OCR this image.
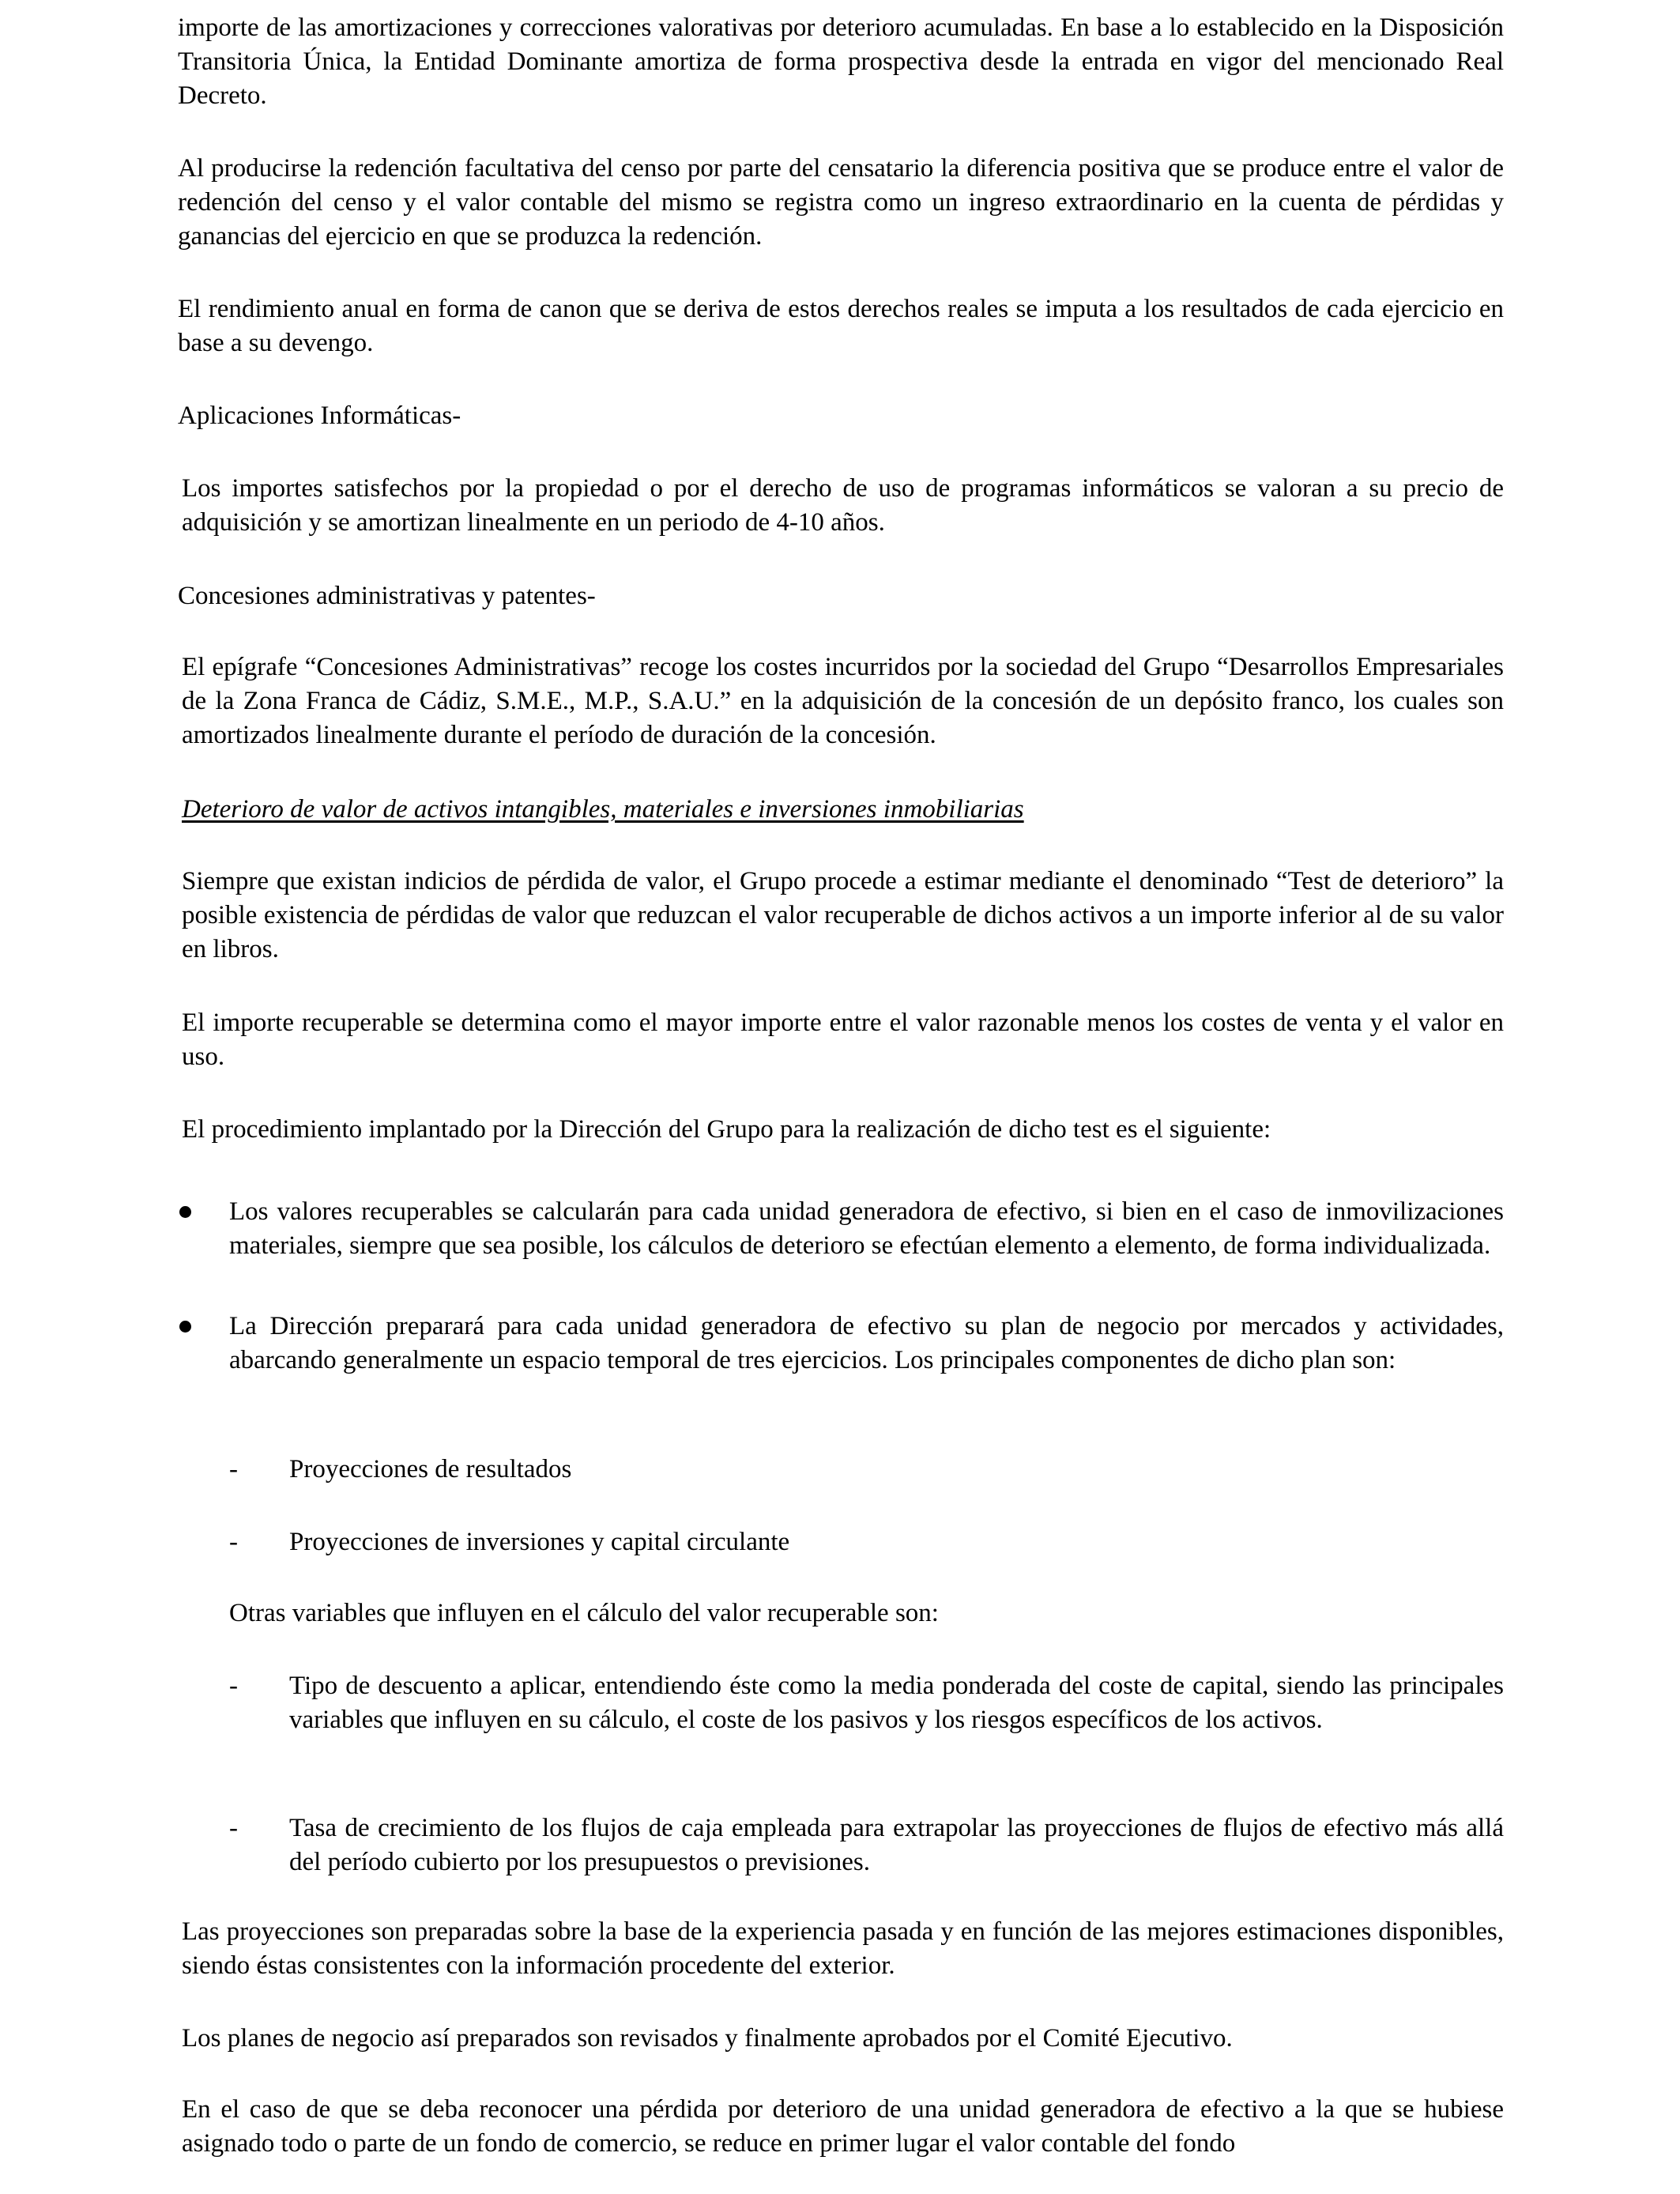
importe de las amortizaciones y correcciones valorativas por deterioro acumuladas. En base a lo establecido en la Disposición Transitoria Única, la Entidad Dominante amortiza de forma prospectiva desde la entrada en vigor del mencionado Real Decreto.

Al producirse la redención facultativa del censo por parte del censatario la diferencia positiva que se produce entre el valor de redención del censo y el valor contable del mismo se registra como un ingreso extraordinario en la cuenta de pérdidas y ganancias del ejercicio en que se produzca la redención.

El rendimiento anual en forma de canon que se deriva de estos derechos reales se imputa a los resultados de cada ejercicio en base a su devengo.

Aplicaciones Informáticas-

Los importes satisfechos por la propiedad o por el derecho de uso de programas informáticos se valoran a su precio de adquisición y se amortizan linealmente en un periodo de 4-10 años.

Concesiones administrativas y patentes-

El epígrafe “Concesiones Administrativas” recoge los costes incurridos por la sociedad del Grupo “Desarrollos Empresariales de la Zona Franca de Cádiz, S.M.E., M.P., S.A.U.” en la adquisición de la concesión de un depósito franco, los cuales son amortizados linealmente durante el período de duración de la concesión.

Deterioro de valor de activos intangibles, materiales e inversiones inmobiliarias

Siempre que existan indicios de pérdida de valor, el Grupo procede a estimar mediante el denominado “Test de deterioro” la posible existencia de pérdidas de valor que reduzcan el valor recuperable de dichos activos a un importe inferior al de su valor en libros.

El importe recuperable se determina como el mayor importe entre el valor razonable menos los costes de venta y el valor en uso.

El procedimiento implantado por la Dirección del Grupo para la realización de dicho test es el siguiente:

Los valores recuperables se calcularán para cada unidad generadora de efectivo, si bien en el caso de inmovilizaciones materiales, siempre que sea posible, los cálculos de deterioro se efectúan elemento a elemento, de forma individualizada.

La Dirección preparará para cada unidad generadora de efectivo su plan de negocio por mercados y actividades, abarcando generalmente un espacio temporal de tres ejercicios. Los principales componentes de dicho plan son:

- Proyecciones de resultados

- Proyecciones de inversiones y capital circulante

Otras variables que influyen en el cálculo del valor recuperable son:

- Tipo de descuento a aplicar, entendiendo éste como la media ponderada del coste de capital, siendo las principales variables que influyen en su cálculo, el coste de los pasivos y los riesgos específicos de los activos.

- Tasa de crecimiento de los flujos de caja empleada para extrapolar las proyecciones de flujos de efectivo más allá del período cubierto por los presupuestos o previsiones.

Las proyecciones son preparadas sobre la base de la experiencia pasada y en función de las mejores estimaciones disponibles, siendo éstas consistentes con la información procedente del exterior.

Los planes de negocio así preparados son revisados y finalmente aprobados por el Comité Ejecutivo.

En el caso de que se deba reconocer una pérdida por deterioro de una unidad generadora de efectivo a la que se hubiese asignado todo o parte de un fondo de comercio, se reduce en primer lugar el valor contable del fondo
